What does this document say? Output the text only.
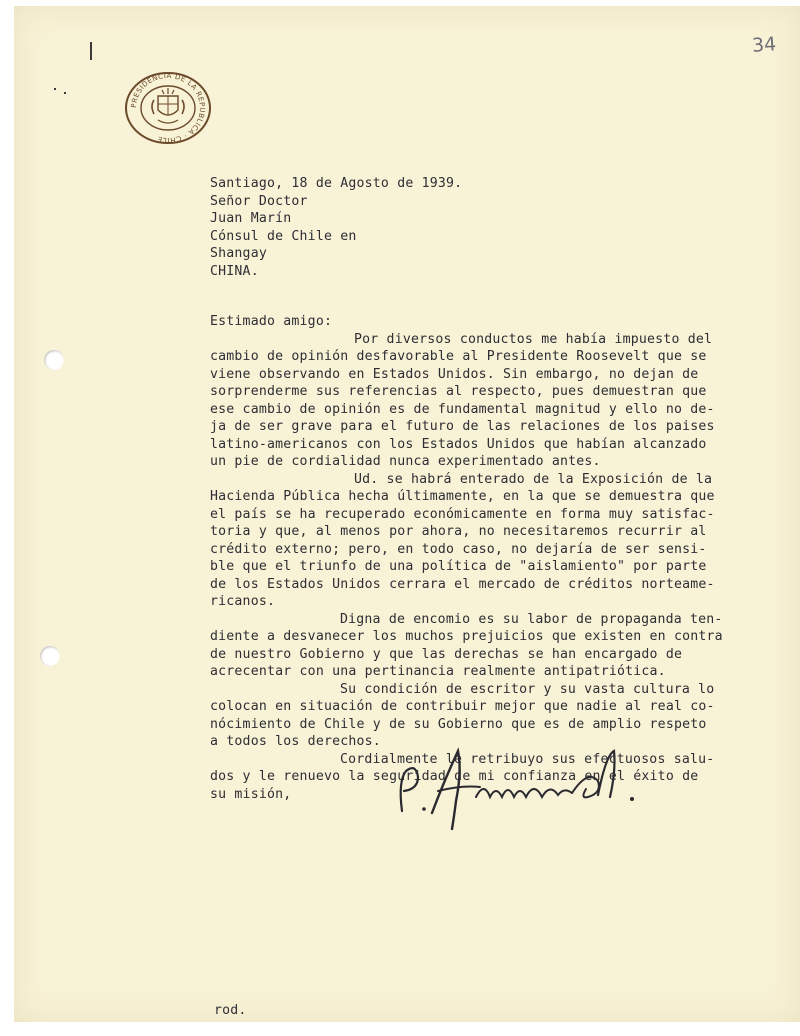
34
PRESIDENCIA DE LA REPUBLICA · CHILE

Santiago, 18 de Agosto de 1939.

Señor Doctor

Juan Marín

Cónsul de Chile en

Shangay

CHINA.

Estimado amigo:

Por diversos conductos me había impuesto del

cambio de opinión desfavorable al Presidente Roosevelt que se

viene observando en Estados Unidos. Sin embargo, no dejan de

sorprenderme sus referencias al respecto, pues demuestran que

ese cambio de opinión es de fundamental magnitud y ello no de-

ja de ser grave para el futuro de las relaciones de los paises

latino-americanos con los Estados Unidos que habían alcanzado

un pie de cordialidad nunca experimentado antes.

Ud. se habrá enterado de la Exposición de la

Hacienda Pública hecha últimamente, en la que se demuestra que

el país se ha recuperado económicamente en forma muy satisfac-

toria y que, al menos por ahora, no necesitaremos recurrir al

crédito externo; pero, en todo caso, no dejaría de ser sensi-

ble que el triunfo de una política de "aislamiento" por parte

de los Estados Unidos cerrara el mercado de créditos norteame-

ricanos.

Digna de encomio es su labor de propaganda ten-

diente a desvanecer los muchos prejuicios que existen en contra

de nuestro Gobierno y que las derechas se han encargado de

acrecentar con una pertinancia realmente antipatriótica.

Su condición de escritor y su vasta cultura lo

colocan en situación de contribuir mejor que nadie al real co-

nócimiento de Chile y de su Gobierno que es de amplio respeto

a todos los derechos.

Cordialmente le retribuyo sus efectuosos salu-

dos y le renuevo la seguridad de mi confianza en el éxito de

su misión,

rod.
